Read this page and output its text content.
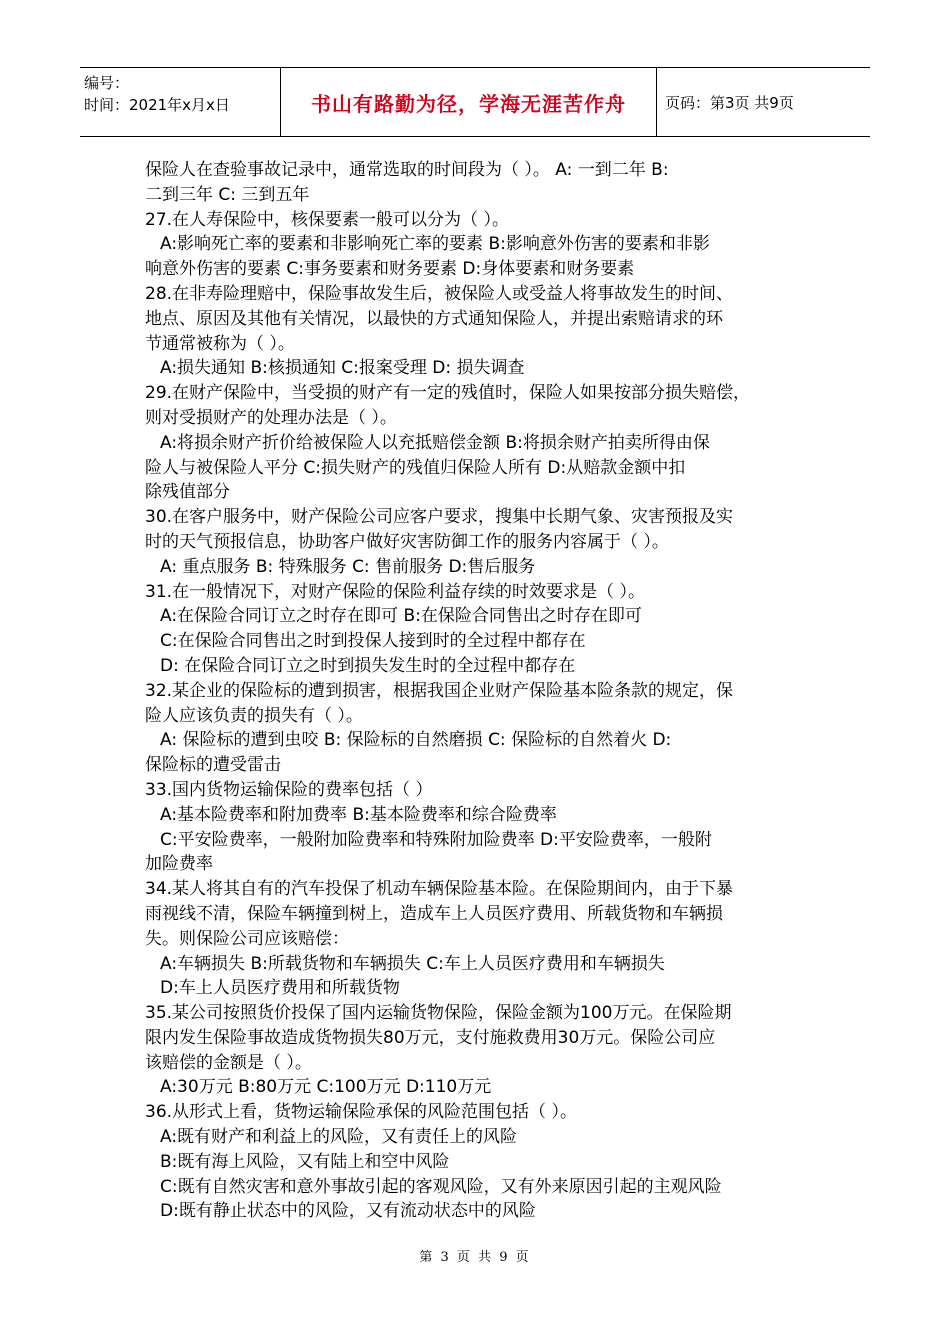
编号：
时间：2021年x月x日	书山有路勤为径，学海无涯苦作舟	页码：第3页 共9页
保险人在查验事故记录中，通常选取的时间段为（ ）。 A: 一到二年 B:
二到三年 C: 三到五年
27.在人寿保险中，核保要素一般可以分为（ ）。
A:影响死亡率的要素和非影响死亡率的要素 B:影响意外伤害的要素和非影
响意外伤害的要素 C:事务要素和财务要素 D:身体要素和财务要素
28.在非寿险理赔中，保险事故发生后，被保险人或受益人将事故发生的时间、
地点、原因及其他有关情况，以最快的方式通知保险人，并提出索赔请求的环
节通常被称为（ ）。
A:损失通知 B:核损通知 C:报案受理 D: 损失调查
29.在财产保险中，当受损的财产有一定的残值时，保险人如果按部分损失赔偿，
则对受损财产的处理办法是（ ）。
A:将损余财产折价给被保险人以充抵赔偿金额 B:将损余财产拍卖所得由保
险人与被保险人平分 C:损失财产的残值归保险人所有 D:从赔款金额中扣
除残值部分
30.在客户服务中，财产保险公司应客户要求，搜集中长期气象、灾害预报及实
时的天气预报信息，协助客户做好灾害防御工作的服务内容属于（ ）。
A: 重点服务 B: 特殊服务 C: 售前服务 D:售后服务
31.在一般情况下，对财产保险的保险利益存续的时效要求是（ ）。
A:在保险合同订立之时存在即可 B:在保险合同售出之时存在即可
C:在保险合同售出之时到投保人接到时的全过程中都存在
D: 在保险合同订立之时到损失发生时的全过程中都存在
32.某企业的保险标的遭到损害，根据我国企业财产保险基本险条款的规定，保
险人应该负责的损失有（ ）。
A: 保险标的遭到虫咬 B: 保险标的自然磨损 C: 保险标的自然着火 D:
保险标的遭受雷击
33.国内货物运输保险的费率包括（ ）
A:基本险费率和附加费率 B:基本险费率和综合险费率
C:平安险费率，一般附加险费率和特殊附加险费率 D:平安险费率，一般附
加险费率
34.某人将其自有的汽车投保了机动车辆保险基本险。在保险期间内，由于下暴
雨视线不清，保险车辆撞到树上，造成车上人员医疗费用、所载货物和车辆损
失。则保险公司应该赔偿：
A:车辆损失 B:所载货物和车辆损失 C:车上人员医疗费用和车辆损失
D:车上人员医疗费用和所载货物
35.某公司按照货价投保了国内运输货物保险，保险金额为100万元。在保险期
限内发生保险事故造成货物损失80万元，支付施救费用30万元。保险公司应
该赔偿的金额是（ ）。
A:30万元 B:80万元 C:100万元 D:110万元
36.从形式上看，货物运输保险承保的风险范围包括（ ）。
A:既有财产和利益上的风险，又有责任上的风险
B:既有海上风险，又有陆上和空中风险
C:既有自然灾害和意外事故引起的客观风险，又有外来原因引起的主观风险
D:既有静止状态中的风险，又有流动状态中的风险
第 3 页 共 9 页
